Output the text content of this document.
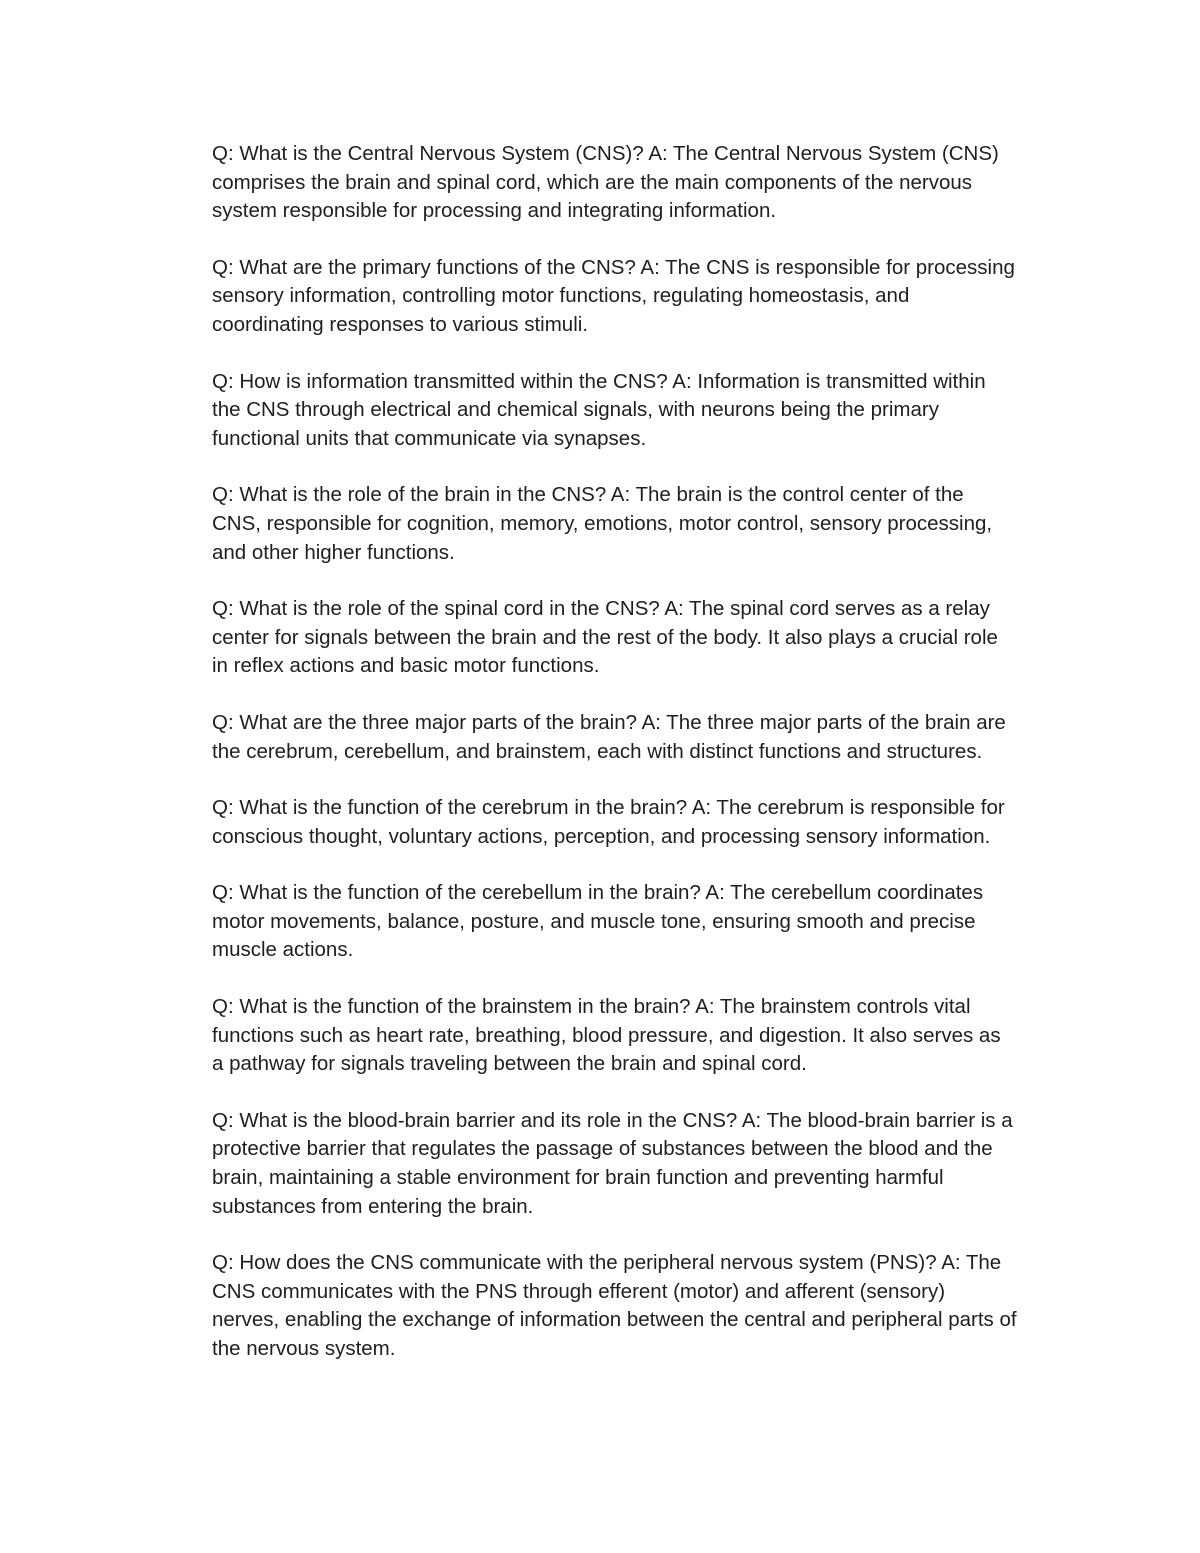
Q: What is the Central Nervous System (CNS)? A: The Central Nervous System (CNS)
comprises the brain and spinal cord, which are the main components of the nervous
system responsible for processing and integrating information.

Q: What are the primary functions of the CNS? A: The CNS is responsible for processing
sensory information, controlling motor functions, regulating homeostasis, and
coordinating responses to various stimuli.

Q: How is information transmitted within the CNS? A: Information is transmitted within
the CNS through electrical and chemical signals, with neurons being the primary
functional units that communicate via synapses.

Q: What is the role of the brain in the CNS? A: The brain is the control center of the
CNS, responsible for cognition, memory, emotions, motor control, sensory processing,
and other higher functions.

Q: What is the role of the spinal cord in the CNS? A: The spinal cord serves as a relay
center for signals between the brain and the rest of the body. It also plays a crucial role
in reflex actions and basic motor functions.

Q: What are the three major parts of the brain? A: The three major parts of the brain are
the cerebrum, cerebellum, and brainstem, each with distinct functions and structures.

Q: What is the function of the cerebrum in the brain? A: The cerebrum is responsible for
conscious thought, voluntary actions, perception, and processing sensory information.

Q: What is the function of the cerebellum in the brain? A: The cerebellum coordinates
motor movements, balance, posture, and muscle tone, ensuring smooth and precise
muscle actions.

Q: What is the function of the brainstem in the brain? A: The brainstem controls vital
functions such as heart rate, breathing, blood pressure, and digestion. It also serves as
a pathway for signals traveling between the brain and spinal cord.

Q: What is the blood-brain barrier and its role in the CNS? A: The blood-brain barrier is a
protective barrier that regulates the passage of substances between the blood and the
brain, maintaining a stable environment for brain function and preventing harmful
substances from entering the brain.

Q: How does the CNS communicate with the peripheral nervous system (PNS)? A: The
CNS communicates with the PNS through efferent (motor) and afferent (sensory)
nerves, enabling the exchange of information between the central and peripheral parts of
the nervous system.
